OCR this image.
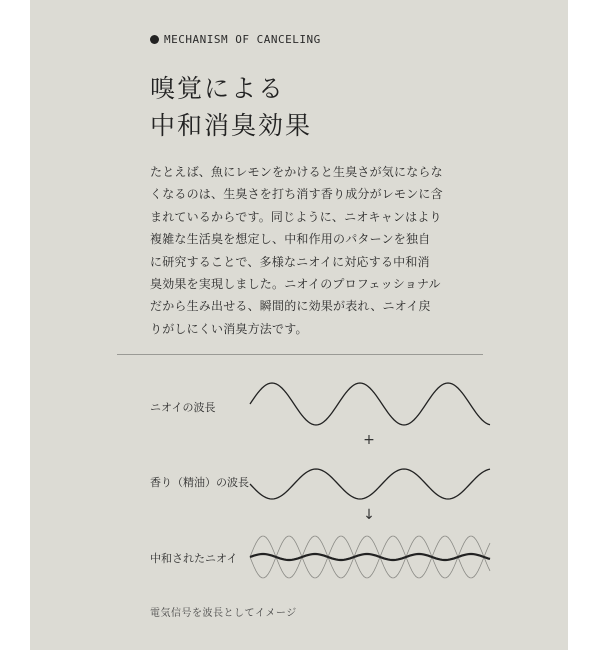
MECHANISM OF CANCELING
嗅覚による
中和消臭効果
たとえば、魚にレモンをかけると生臭さが気にならな
くなるのは、生臭さを打ち消す香り成分がレモンに含
まれているからです。同じように、ニオキャンはより
複雑な生活臭を想定し、中和作用のパターンを独自
に研究することで、多様なニオイに対応する中和消
臭効果を実現しました。ニオイのプロフェッショナル
だから生み出せる、瞬間的に効果が表れ、ニオイ戻
りがしにくい消臭方法です。
ニオイの波長
+
香り（精油）の波長
↓
中和されたニオイ
電気信号を波長としてイメージ
